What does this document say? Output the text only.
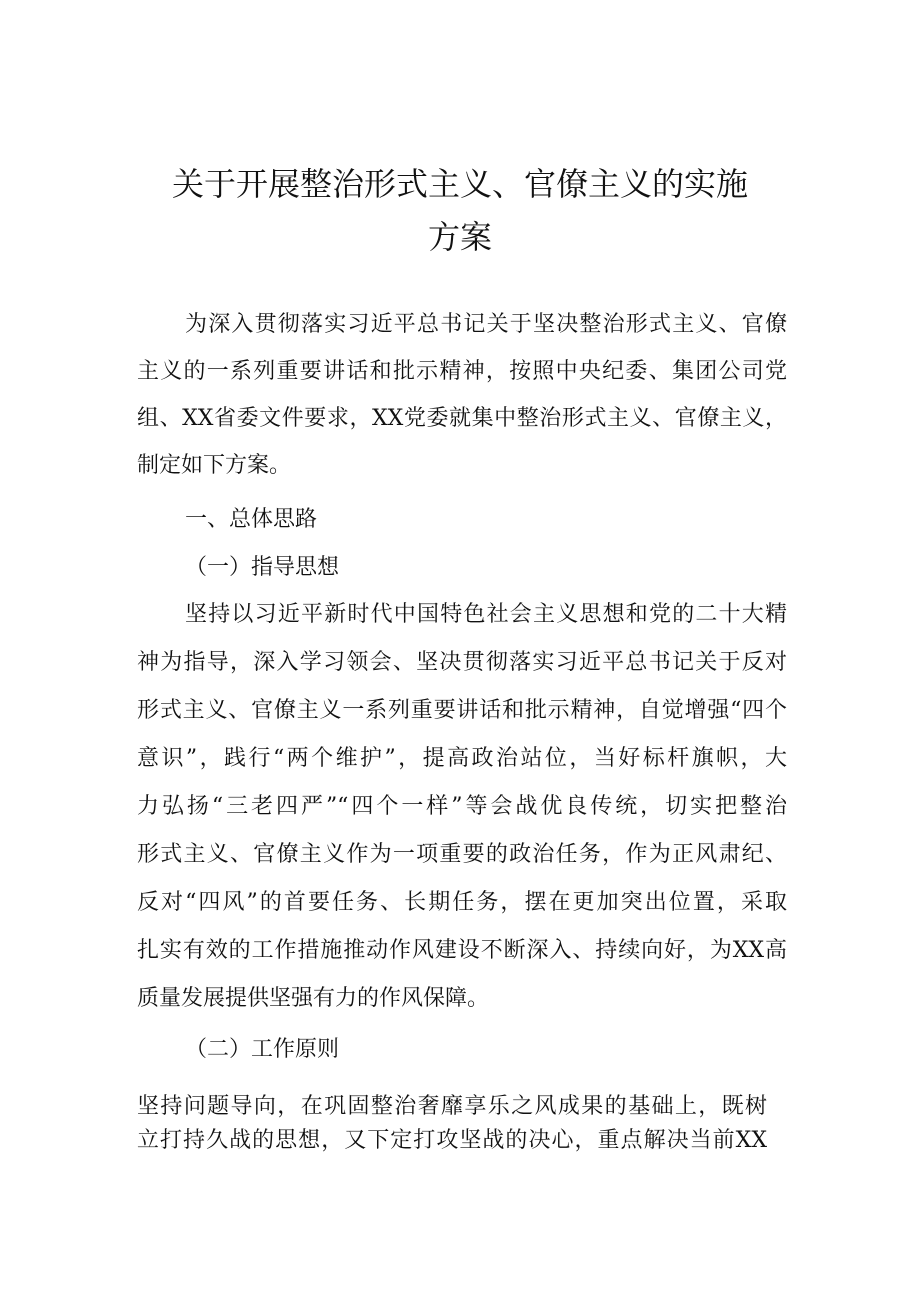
关于开展整治形式主义、官僚主义的实施
方案
为深入贯彻落实习近平总书记关于坚决整治形式主义、官僚
主义的一系列重要讲话和批示精神，按照中央纪委、集团公司党
组、XX省委文件要求，XX党委就集中整治形式主义、官僚主义，
制定如下方案。
一、总体思路
（一）指导思想
坚持以习近平新时代中国特色社会主义思想和党的二十大精
神为指导，深入学习领会、坚决贯彻落实习近平总书记关于反对
形式主义、官僚主义一系列重要讲话和批示精神，自觉增强“四个
意识”，践行“两个维护”，提高政治站位，当好标杆旗帜，大
力弘扬“三老四严”“四个一样”等会战优良传统，切实把整治
形式主义、官僚主义作为一项重要的政治任务，作为正风肃纪、
反对“四风”的首要任务、长期任务，摆在更加突出位置，采取
扎实有效的工作措施推动作风建设不断深入、持续向好，为XX高
质量发展提供坚强有力的作风保障。
（二）工作原则
坚持问题导向，在巩固整治奢靡享乐之风成果的基础上，既树
立打持久战的思想，又下定打攻坚战的决心，重点解决当前XX
